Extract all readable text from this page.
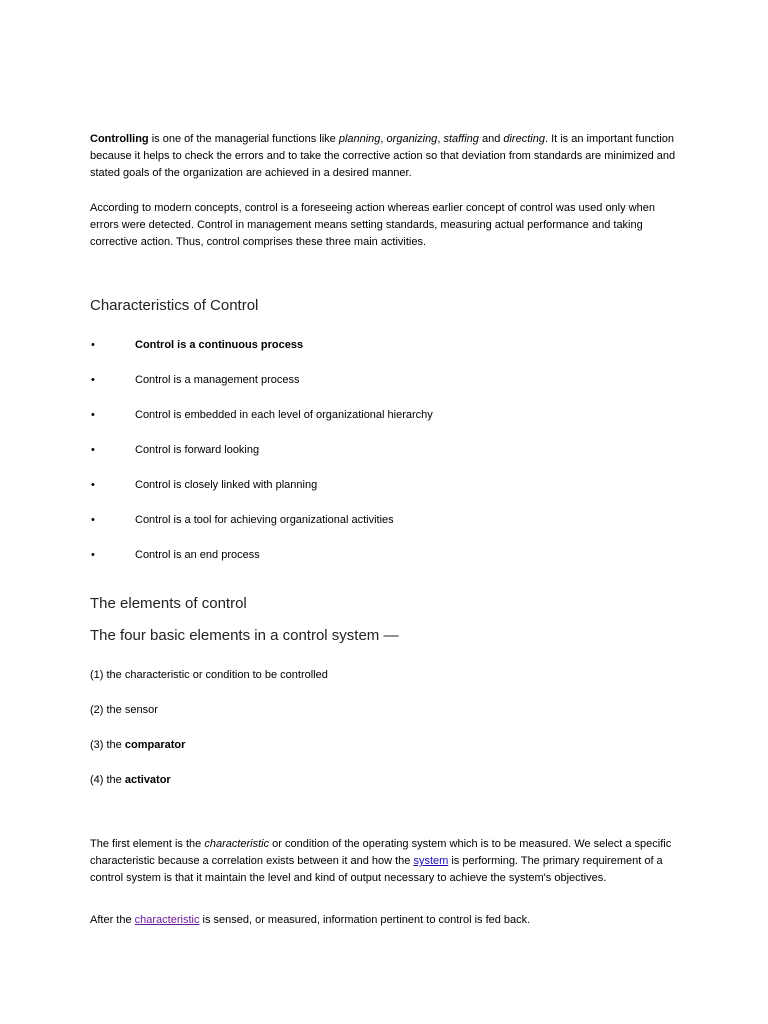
Controlling is one of the managerial functions like planning, organizing, staffing and directing. It is an important function because it helps to check the errors and to take the corrective action so that deviation from standards are minimized and stated goals of the organization are achieved in a desired manner.

According to modern concepts, control is a foreseeing action whereas earlier concept of control was used only when errors were detected. Control in management means setting standards, measuring actual performance and taking corrective action. Thus, control comprises these three main activities.

Characteristics of Control
•	Control is a continuous process
•	Control is a management process
•	Control is embedded in each level of organizational hierarchy
•	Control is forward looking
•	Control is closely linked with planning
•	Control is a tool for achieving organizational activities
•	Control is an end process
The elements of control
The four basic elements in a control system —

(1) the characteristic or condition to be controlled

(2) the sensor

(3) the comparator

(4) the activator

The first element is the characteristic or condition of the operating system which is to be measured. We select a specific characteristic because a correlation exists between it and how the system is performing. The primary requirement of a control system is that it maintain the level and kind of output necessary to achieve the system's objectives.

After the characteristic is sensed, or measured, information pertinent to control is fed back.
